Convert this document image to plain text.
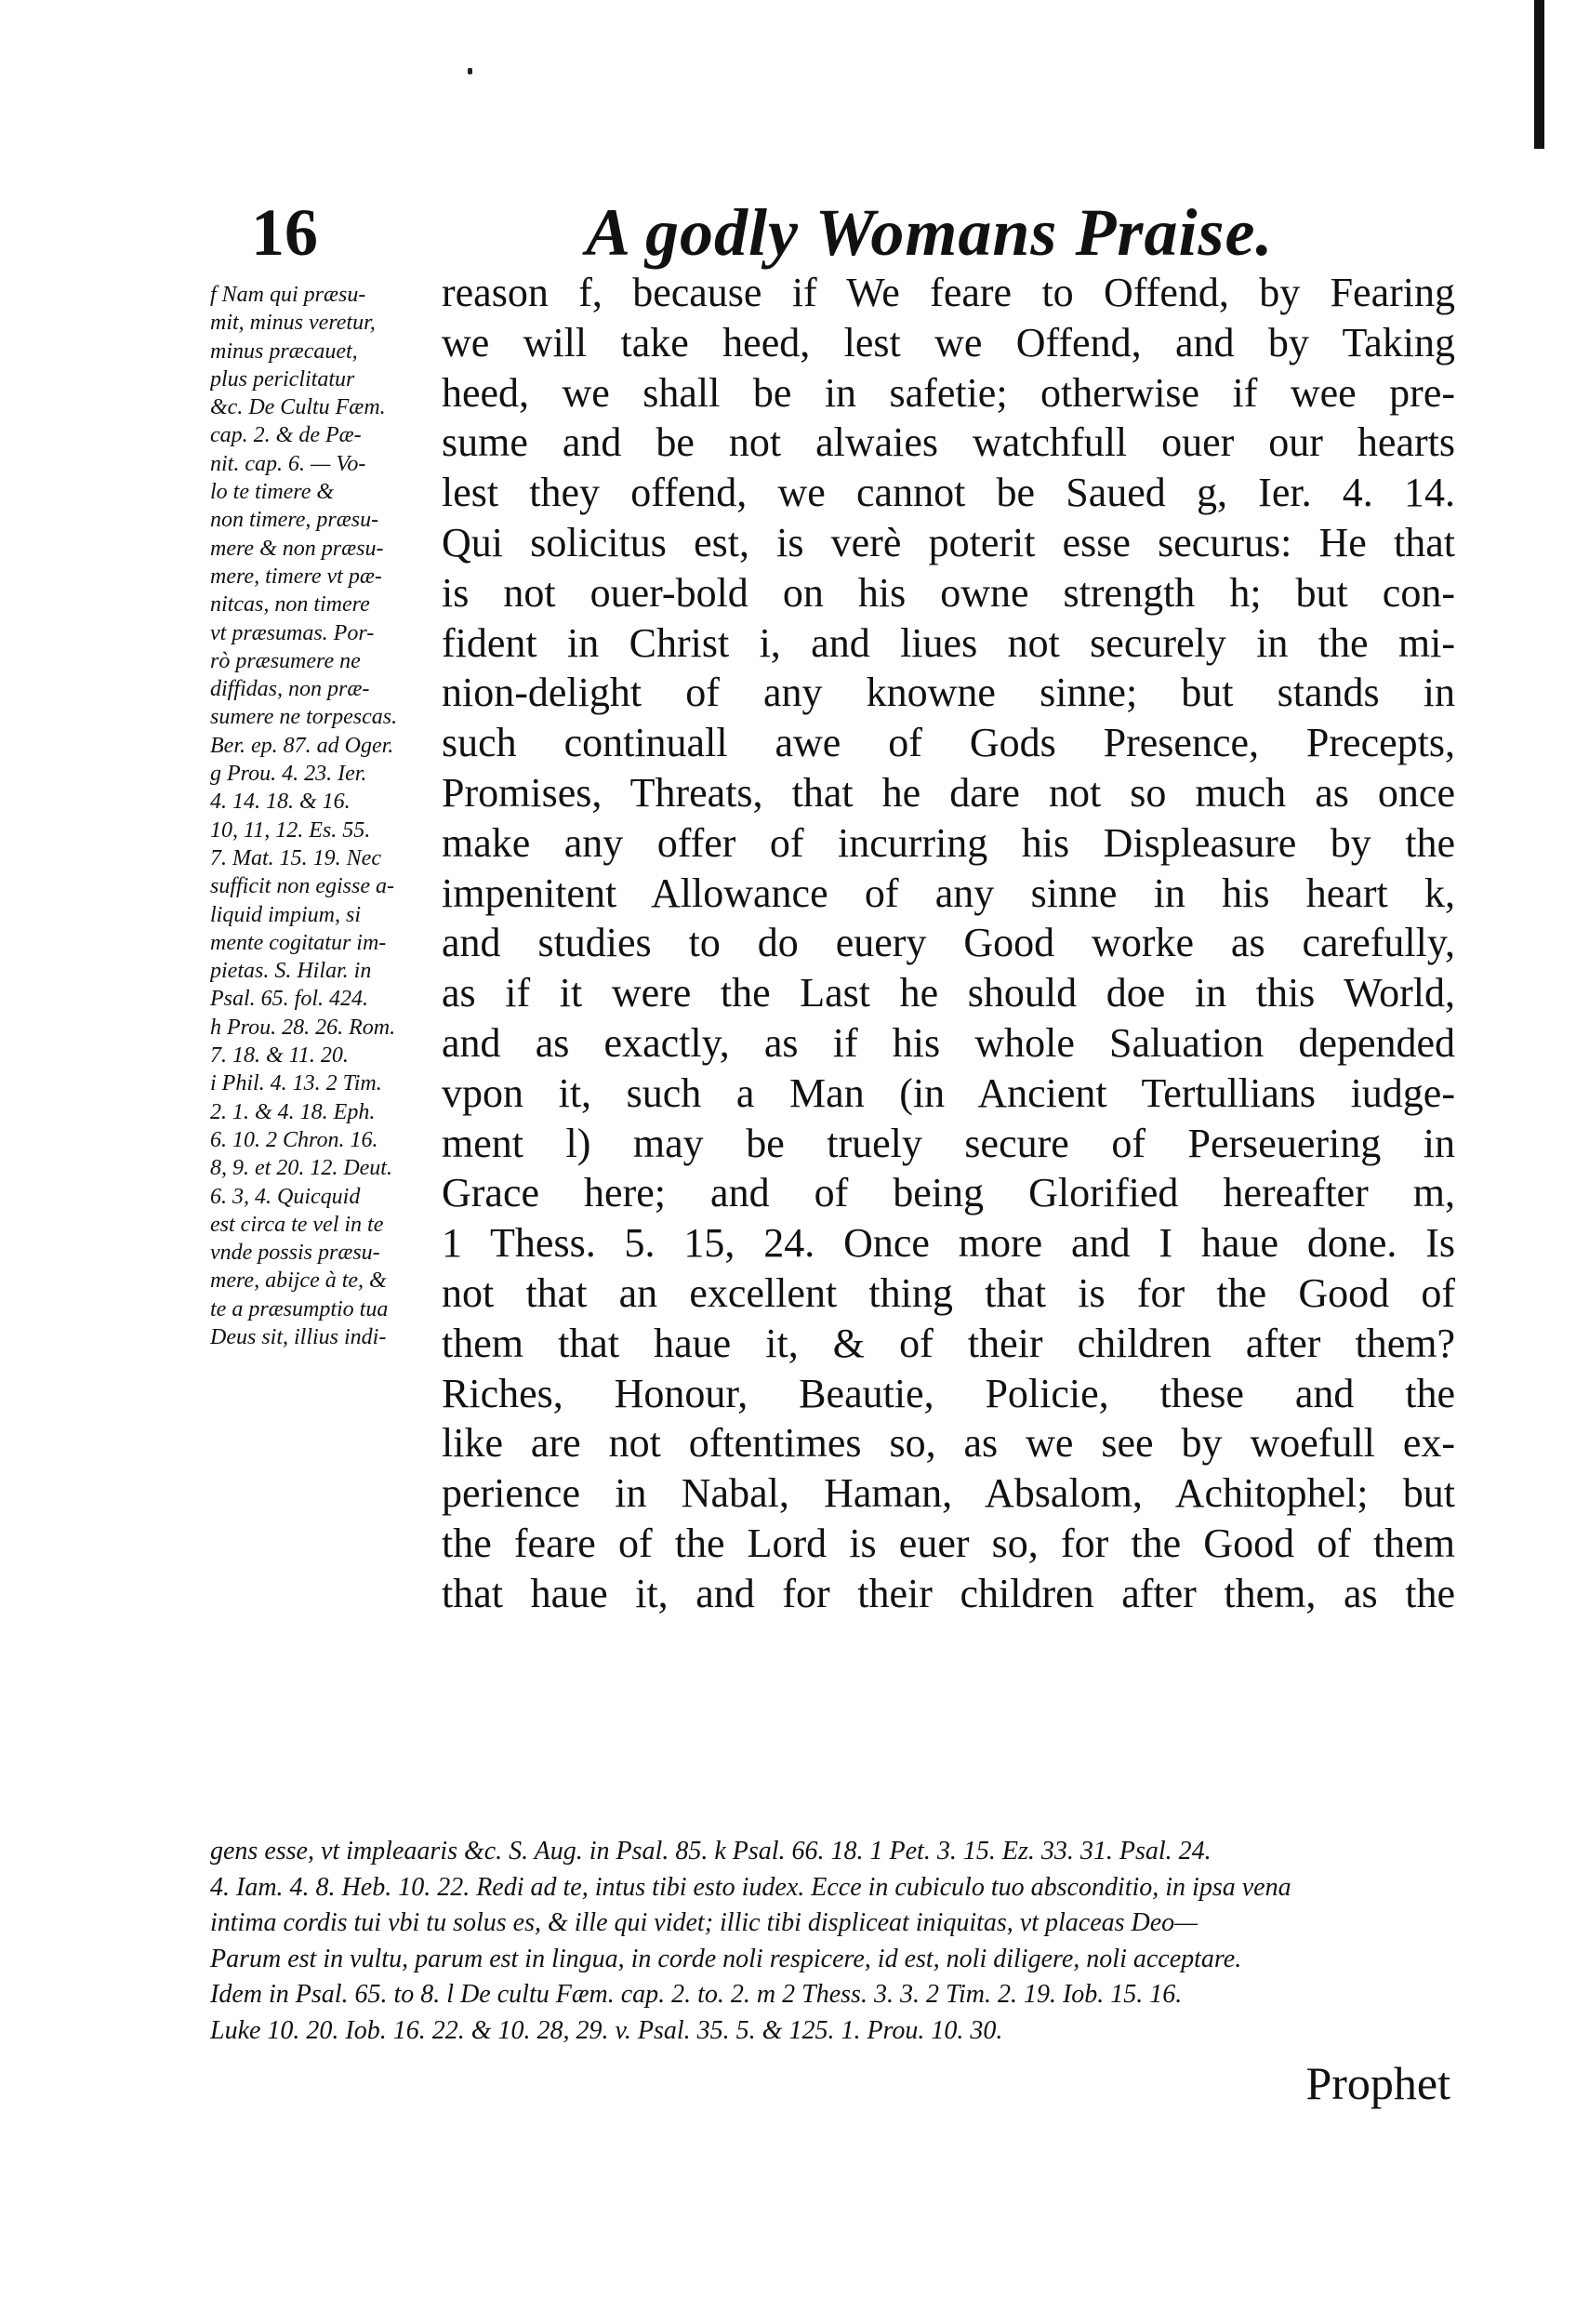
16	A godly Womans Praise.
f Nam qui præsu-
mit, minus veretur,
minus præcauet,
plus periclitatur
&c. De Cultu Fæm.
cap. 2. & de Pæ-
nit. cap. 6. — Vo-
lo te timere &
non timere, præsu-
mere & non præsu-
mere, timere vt pæ-
nitcas, non timere
vt præsumas. Por-
rò præsumere ne
diffidas, non præ-
sumere ne torpescas.
Ber. ep. 87. ad Oger.
g Prou. 4. 23. Ier.
4. 14. 18. & 16.
10, 11, 12. Es. 55.
7. Mat. 15. 19. Nec
sufficit non egisse a-
liquid impium, si
mente cogitatur im-
pietas. S. Hilar. in
Psal. 65. fol. 424.
h Prou. 28. 26. Rom.
7. 18. & 11. 20.
i Phil. 4. 13. 2 Tim.
2. 1. & 4. 18. Eph.
6. 10. 2 Chron. 16.
8, 9. et 20. 12. Deut.
6. 3, 4. Quicquid
est circa te vel in te
vnde possis præsu-
mere, abijce à te, &
te a præsumptio tua
Deus sit, illius indi-
reason f, because if We feare to Offend, by Fearing
we will take heed, lest we Offend, and by Taking
heed, we shall be in safetie; otherwise if wee pre-
sume and be not alwaies watchfull ouer our hearts
lest they offend, we cannot be Saued g, Ier. 4. 14.
Qui solicitus est, is verè poterit esse securus: He that
is not ouer-bold on his owne strength h; but con-
fident in Christ i, and liues not securely in the mi-
nion-delight of any knowne sinne; but stands in
such continuall awe of Gods Presence, Precepts,
Promises, Threats, that he dare not so much as once
make any offer of incurring his Displeasure by the
impenitent Allowance of any sinne in his heart k,
and studies to do euery Good worke as carefully,
as if it were the Last he should doe in this World,
and as exactly, as if his whole Saluation depended
vpon it, such a Man (in Ancient Tertullians iudge-
ment l) may be truely secure of Perseuering in
Grace here; and of being Glorified hereafter m,
1 Thess. 5. 15, 24. Once more and I haue done. Is
not that an excellent thing that is for the Good of
them that haue it, & of their children after them?
Riches, Honour, Beautie, Policie, these and the
like are not oftentimes so, as we see by woefull ex-
perience in Nabal, Haman, Absalom, Achitophel; but
the feare of the Lord is euer so, for the Good of them
that haue it, and for their children after them, as the
gens esse, vt impleaaris &c. S. Aug. in Psal. 85. k Psal. 66. 18. 1 Pet. 3. 15. Ez. 33. 31. Psal. 24.
4. Iam. 4. 8. Heb. 10. 22. Redi ad te, intus tibi esto iudex. Ecce in cubiculo tuo absconditio, in ipsa vena
intima cordis tui vbi tu solus es, & ille qui videt; illic tibi displiceat iniquitas, vt placeas Deo—
Parum est in vultu, parum est in lingua, in corde noli respicere, id est, noli diligere, noli acceptare.
Idem in Psal. 65. to 8. l De cultu Fæm. cap. 2. to. 2. m 2 Thess. 3. 3. 2 Tim. 2. 19. Iob. 15. 16.
Luke 10. 20. Iob. 16. 22. & 10. 28, 29. v. Psal. 35. 5. & 125. 1. Prou. 10. 30.
Prophet
